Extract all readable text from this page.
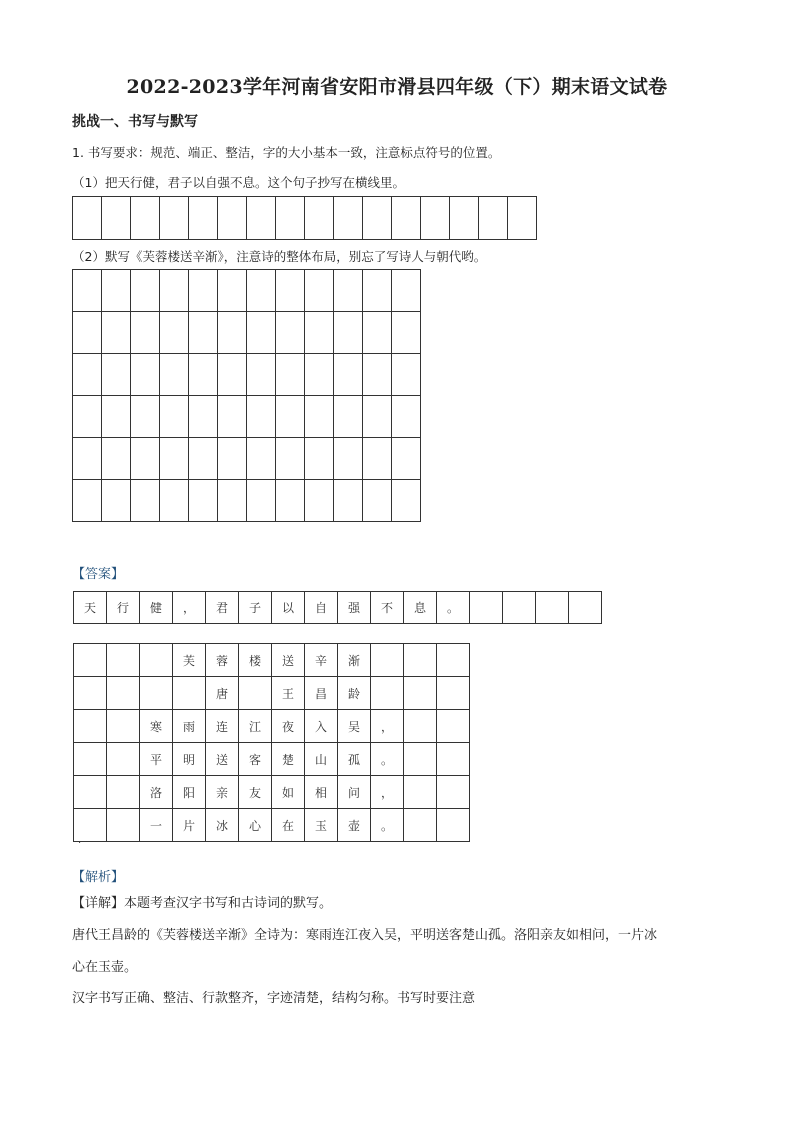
2022-2023学年河南省安阳市滑县四年级（下）期末语文试卷
挑战一、书写与默写
1. 书写要求：规范、端正、整洁，字的大小基本一致，注意标点符号的位置。
（1）把天行健，君子以自强不息。这个句子抄写在横线里。

（2）默写《芙蓉楼送辛渐》，注意诗的整体布局，别忘了写诗人与朝代哟。

【答案】
天	行	健	，	君	子	以	自	强	不	息	。				
			芙	蓉	楼	送	辛	渐			
				唐		王	昌	龄			
		寒	雨	连	江	夜	入	吴	，		
		平	明	送	客	楚	山	孤	。		
		洛	阳	亲	友	如	相	问	，		
		一	片	冰	心	在	玉	壶	。		
·
【解析】
【详解】本题考查汉字书写和古诗词的默写。
唐代王昌龄的《芙蓉楼送辛渐》全诗为：寒雨连江夜入吴，平明送客楚山孤。洛阳亲友如相问，一片冰
心在玉壶。
汉字书写正确、整洁、行款整齐，字迹清楚，结构匀称。书写时要注意
